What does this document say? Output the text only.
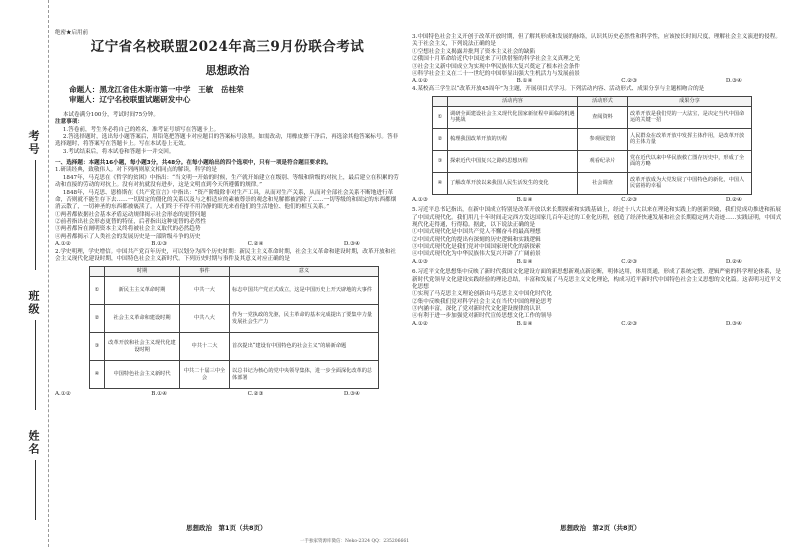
考号
班级
姓名
绝密★启用前
辽宁省名校联盟2024年高三9月份联合考试
思想政治
命题人：黑龙江省佳木斯市第一中学　王敏　岳桂荣
审题人：辽宁名校联盟试题研发中心

本试卷满分100分，考试时间75分钟。

注意事项：

1.答卷前，考生务必将自己的姓名、准考证号填写在答题卡上。

2.答选择题时，选出每小题答案后，用铅笔把答题卡对应题目的答案标号涂黑。如需改动，用橡皮擦干净后，再选涂其他答案标号。答非选择题时，将答案写在答题卡上。写在本试卷上无效。

3.考试结束后，将本试卷和答题卡一并交回。

一、选择题：本题共16小题，每小题3分，共48分。在每小题给出的四个选项中，只有一项是符合题目要求的。

1.研读经典，致敬伟人。对下列两则原文相同点的解读，科学的是

1847年，马克思在《哲学的贫困》中指出：“当文明一开始的时候，生产就开始建立在级别、等级和阶级的对抗上，最后建立在积累的劳动和直接的劳动的对抗上。没有对抗就没有进步，这是文明直到今天所遵循的规律。”

1848年，马克思、恩格斯在《共产党宣言》中指出：“资产阶级除非对生产工具，从而对生产关系，从而对全部社会关系不断地进行革命，否则就不能生存下去……一切固定的僵化的关系以及与之相适应的素被尊崇的观念和见解都被消除了……一切等级的和固定的东西都烟消云散了，一切神圣的东西都被亵渎了。人们终于不得不用冷静的眼光来看他们的生活地位、他们的相互关系。”

①两者都依据社会基本矛盾运动规律揭示社会形态的更替问题

②前者指出社会形态更替的特征，后者指出这种更替的必然性

③两者都旨在阐明资本主义终将被社会主义取代的必然趋势

④两者都揭示了人类社会的发展历史是一部阶级斗争的历史

A.①②	B.①③	C.②④	D.③④

2.学史明理，学史增信。中国共产党百年历史，可以划分为四个历史时期：新民主主义革命时期，社会主义革命和建设时期，改革开放和社会主义现代化建设时期，中国特色社会主义新时代。下列历史时期与事件及其意义对应正确的是

	时期	事件	意义
①	新民主主义革命时期	中共一大	标志中国共产党正式成立，这是中国历史上开天辟地的大事件
②	社会主义革命和建设时期	中共八大	作为一党执政的先驱，民主革命的基本完成提出了要集中力量发展社会生产力
③	改革开放和社会主义现代化建设时期	中共十二大	首次提出“建设有中国特色的社会主义”的崭新命题
④	中国特色社会主义新时代	中共二十届三中全会	以总书记为核心的党中央领导集体，进一步全面深化改革的总体部署
A.①②	B.①④	C.②③	D.③④

3.中国特色社会主义开创于改革开放时期，但了解其形成和发展的脉络，认识其历史必然性和科学性，应该按长时间尺度，理解社会主义演进的侵程。关于社会主义，下列说法正确的是

①空想社会主义揭露并批判了资本主义社会的缺陷

②俄国十月革命给近代中国送来了可供借鉴的科学社会主义真理之光

③社会主义新中国成立为实现中华民族伟大复兴奠定了根本社会条件

④科学社会主义在二十一世纪的中国彰显出强大生机活力与发展前景

A.①②	B.①④	C.②③	D.③④

4.某校高三学生以“改革开放45周年”为主题，开展项目式学习。下列活动内容、活动形式、成果分享与主题相吻合的是

	活动内容	活动形式	成果分享
①	调研全面建设社会主义现代化国家新征程中面临的机遇与挑战	查阅资料	改革开放是我们党的一大法宝，是决定当代中国命运的关键一招
②	梳理我国改革开放的历程	参观展览馆	人民群众在改革开放中发挥主体作用，是改革开放的主体力量
③	探索近代中国复兴之路的思想历程	观看纪录片	党在近代以来中华民族救亡图存历史中，形成了全面的方略
④	了解改革开放以来我国人民生活发生的变化	社会调查	改革开放成为大党发展了中国特色的新化，中国人民富裕的幸福
A.①③	B.①④	C.②③	D.②④

5.习近平总书记指出，在新中国成立特别是改革开放以来长期探索和实践基础上，经过十八大以来在理论和实践上的创新突破，我们党成功推进和拓展了中国式现代化。我们用几十年时间走完西方发达国家几百年走过的工业化历程，创造了经济快速发展和社会长期稳定两大奇迹……实践证明，中国式现代化走得通，行得稳。据此，以下说法正确的是

①中国式现代化是中国共产党人不懈奋斗的最高理想

②中国式现代化的提出有深刻的历史逻辑和实践逻辑

③中国式现代化是我们党对中国国家现代化的新探索

④中国式现代化为中华民族伟大复兴开辟了广阔前景

A.①③	B.①④	C.②③	D.②④

6.习近平文化思想集中反映了新时代我国文化建设方面的新思想新观点新论断，明体达用，体用贯通，形成了系统完整、逻辑严密的科学理论体系，是新时代党领导文化建设实践经验的理论总结，丰富和发展了马克思主义文化理论，构成习近平新时代中国特色社会主义思想的文化篇。这表明习近平文化思想

①实现了马克思主义理论创新由马克思主义中国化时代化

②集中反映我们党对科学社会主义在当代中国的理论思考

③内涵丰富，深化了党对新时代文化建设规律的认识

④有利于进一步加强党对新时代宣传思想文化工作的领导

A.①②	B.①④	C.②③	D.③④
思想政治　第1页（共8页）	思想政治　第2页（共8页）
一手独家资源库微信：Neko-2324 QQ：235206661
